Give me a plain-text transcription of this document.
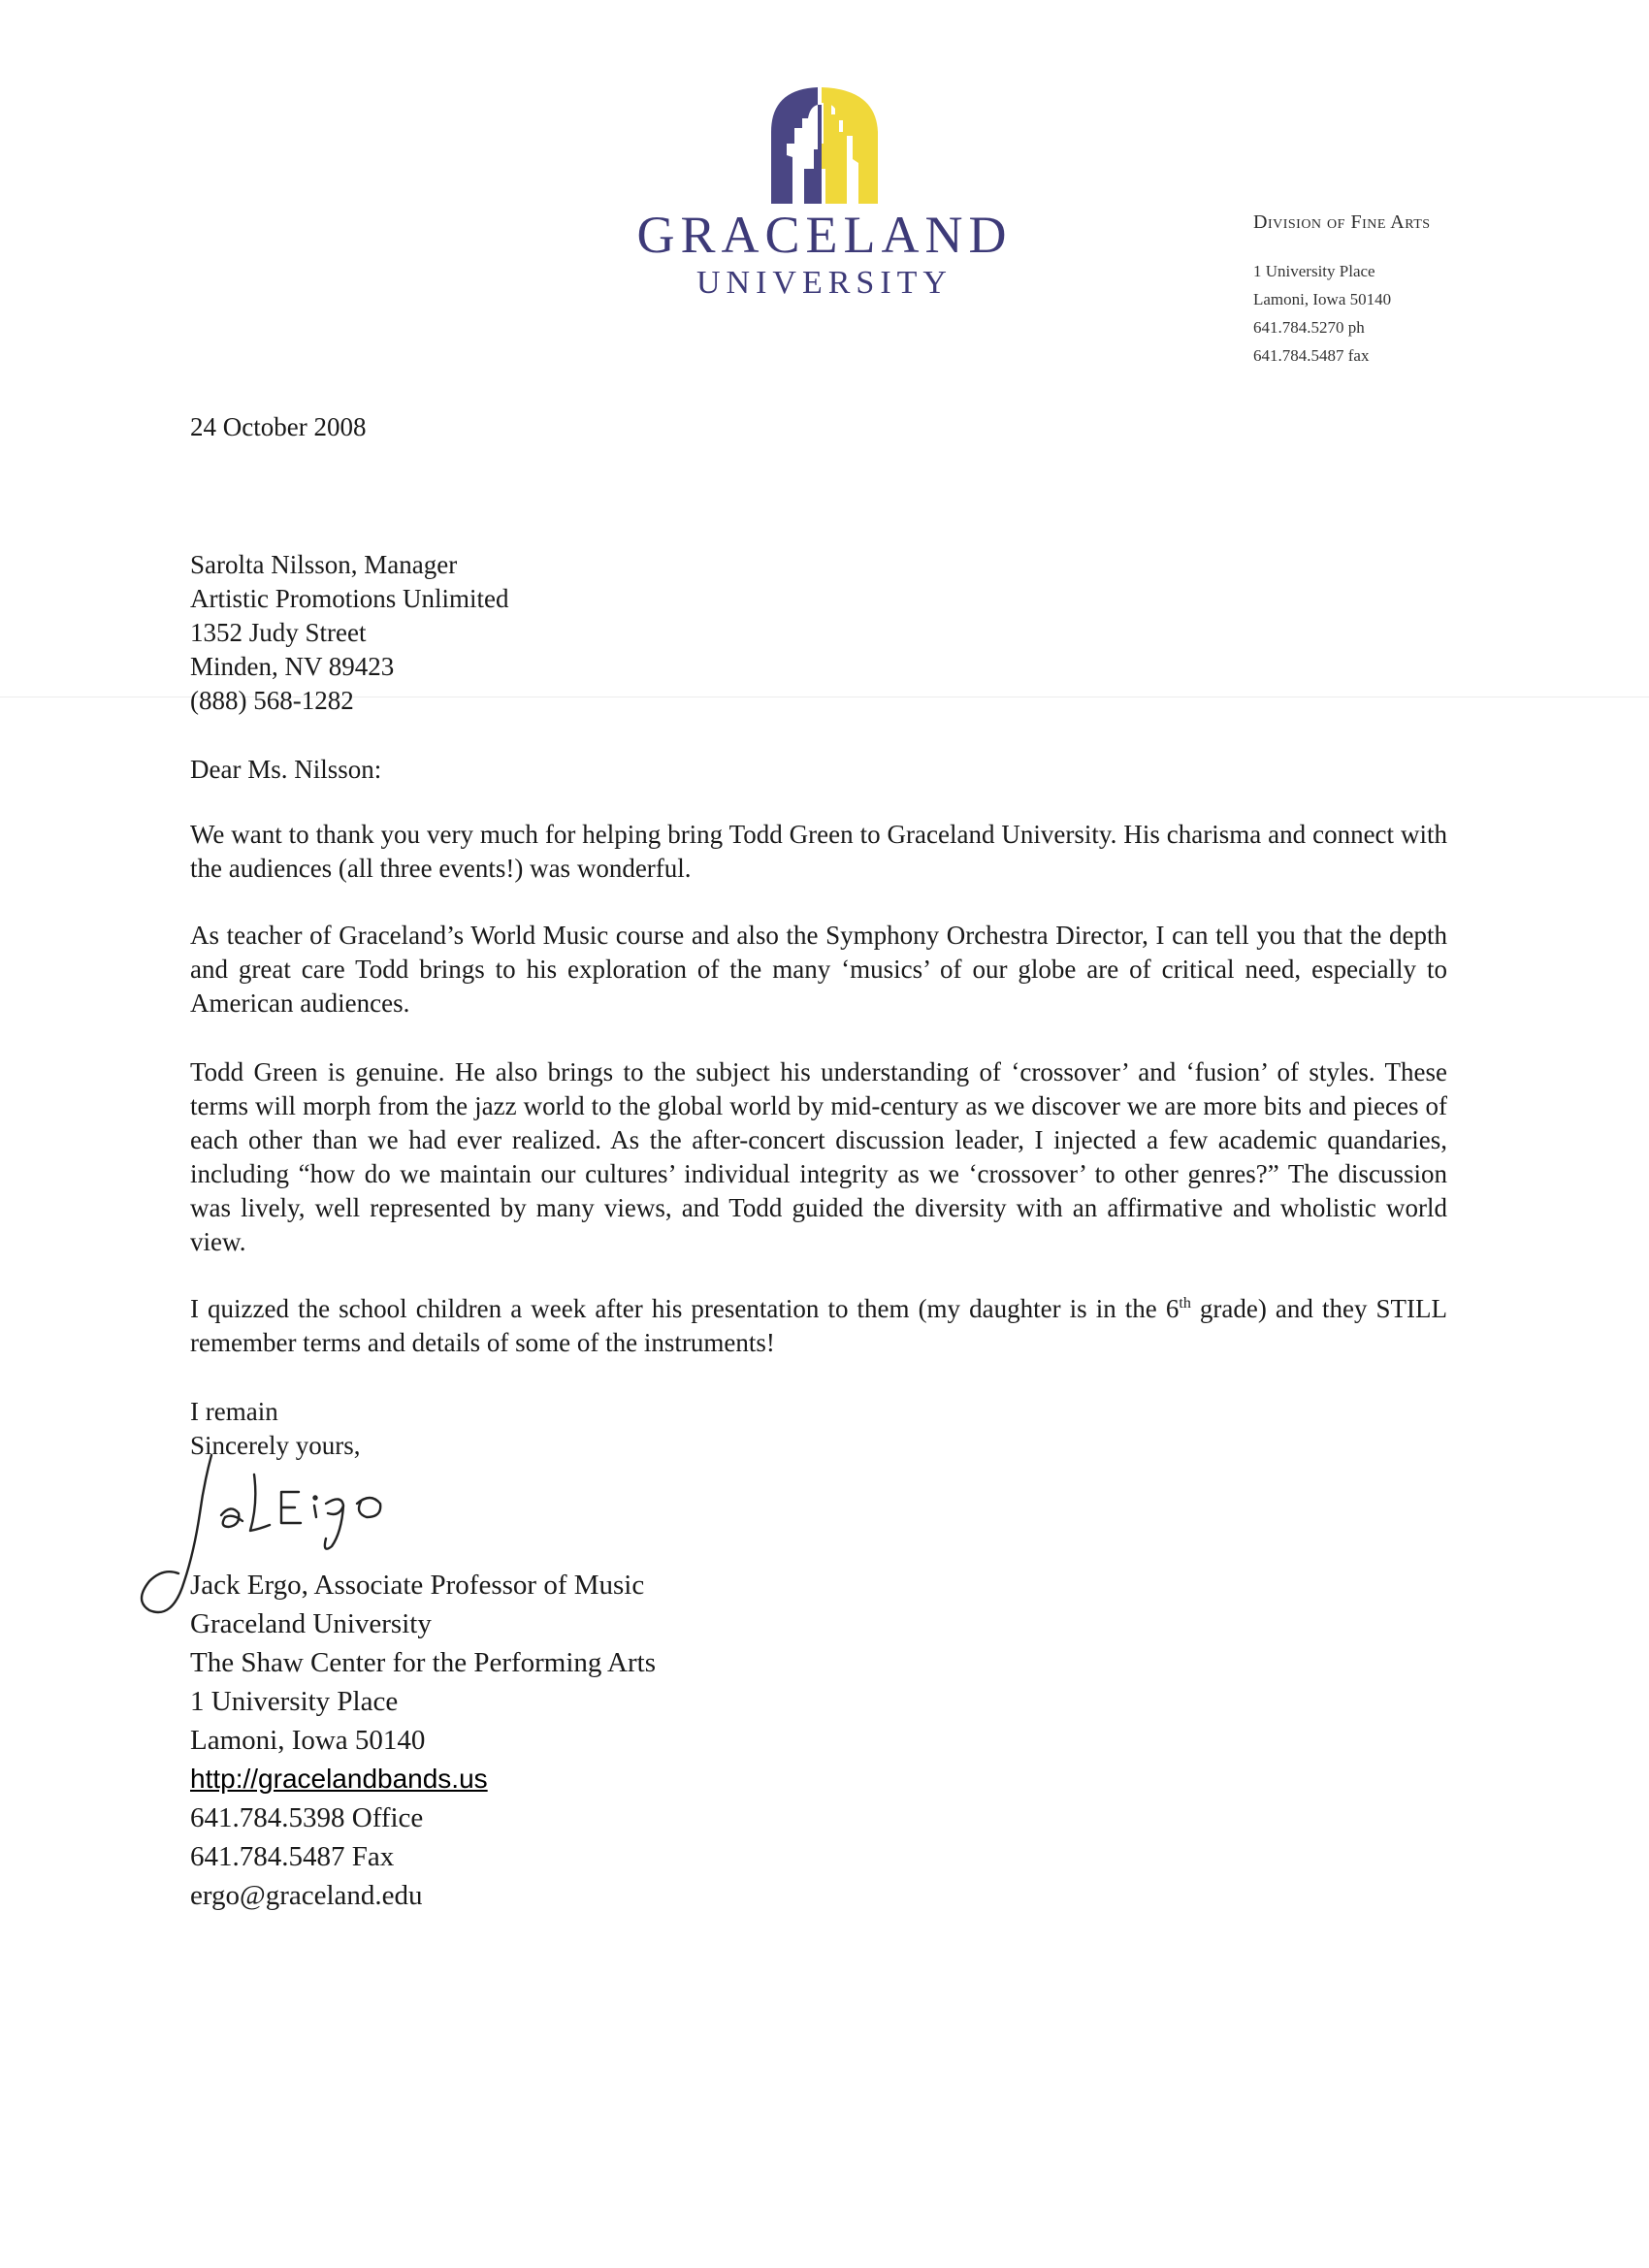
GRACELAND
UNIVERSITY
Division of Fine Arts
1 University Place
Lamoni, Iowa 50140
641.784.5270 ph
641.784.5487 fax
24 October 2008
Sarolta Nilsson, Manager
Artistic Promotions Unlimited
1352 Judy Street
Minden, NV 89423
(888) 568-1282
Dear Ms. Nilsson:
We want to thank you very much for helping bring Todd Green to Graceland University. His charisma and connect with the audiences (all three events!) was wonderful.
As teacher of Graceland’s World Music course and also the Symphony Orchestra Director, I can tell you that the depth and great care Todd brings to his exploration of the many ‘musics’ of our globe are of critical need, especially to American audiences.
Todd Green is genuine. He also brings to the subject his understanding of ‘crossover’ and ‘fusion’ of styles. These terms will morph from the jazz world to the global world by mid-century as we discover we are more bits and pieces of each other than we had ever realized. As the after-concert discussion leader, I injected a few academic quandaries, including “how do we maintain our cultures’ individual integrity as we ‘crossover’ to other genres?” The discussion was lively, well represented by many views, and Todd guided the diversity with an affirmative and wholistic world view.
I quizzed the school children a week after his presentation to them (my daughter is in the 6th grade) and they STILL remember terms and details of some of the instruments!
I remain
Sincerely yours,
Jack Ergo, Associate Professor of Music
Graceland University
The Shaw Center for the Performing Arts
1 University Place
Lamoni, Iowa 50140
http://gracelandbands.us
641.784.5398 Office
641.784.5487 Fax
ergo@graceland.edu
